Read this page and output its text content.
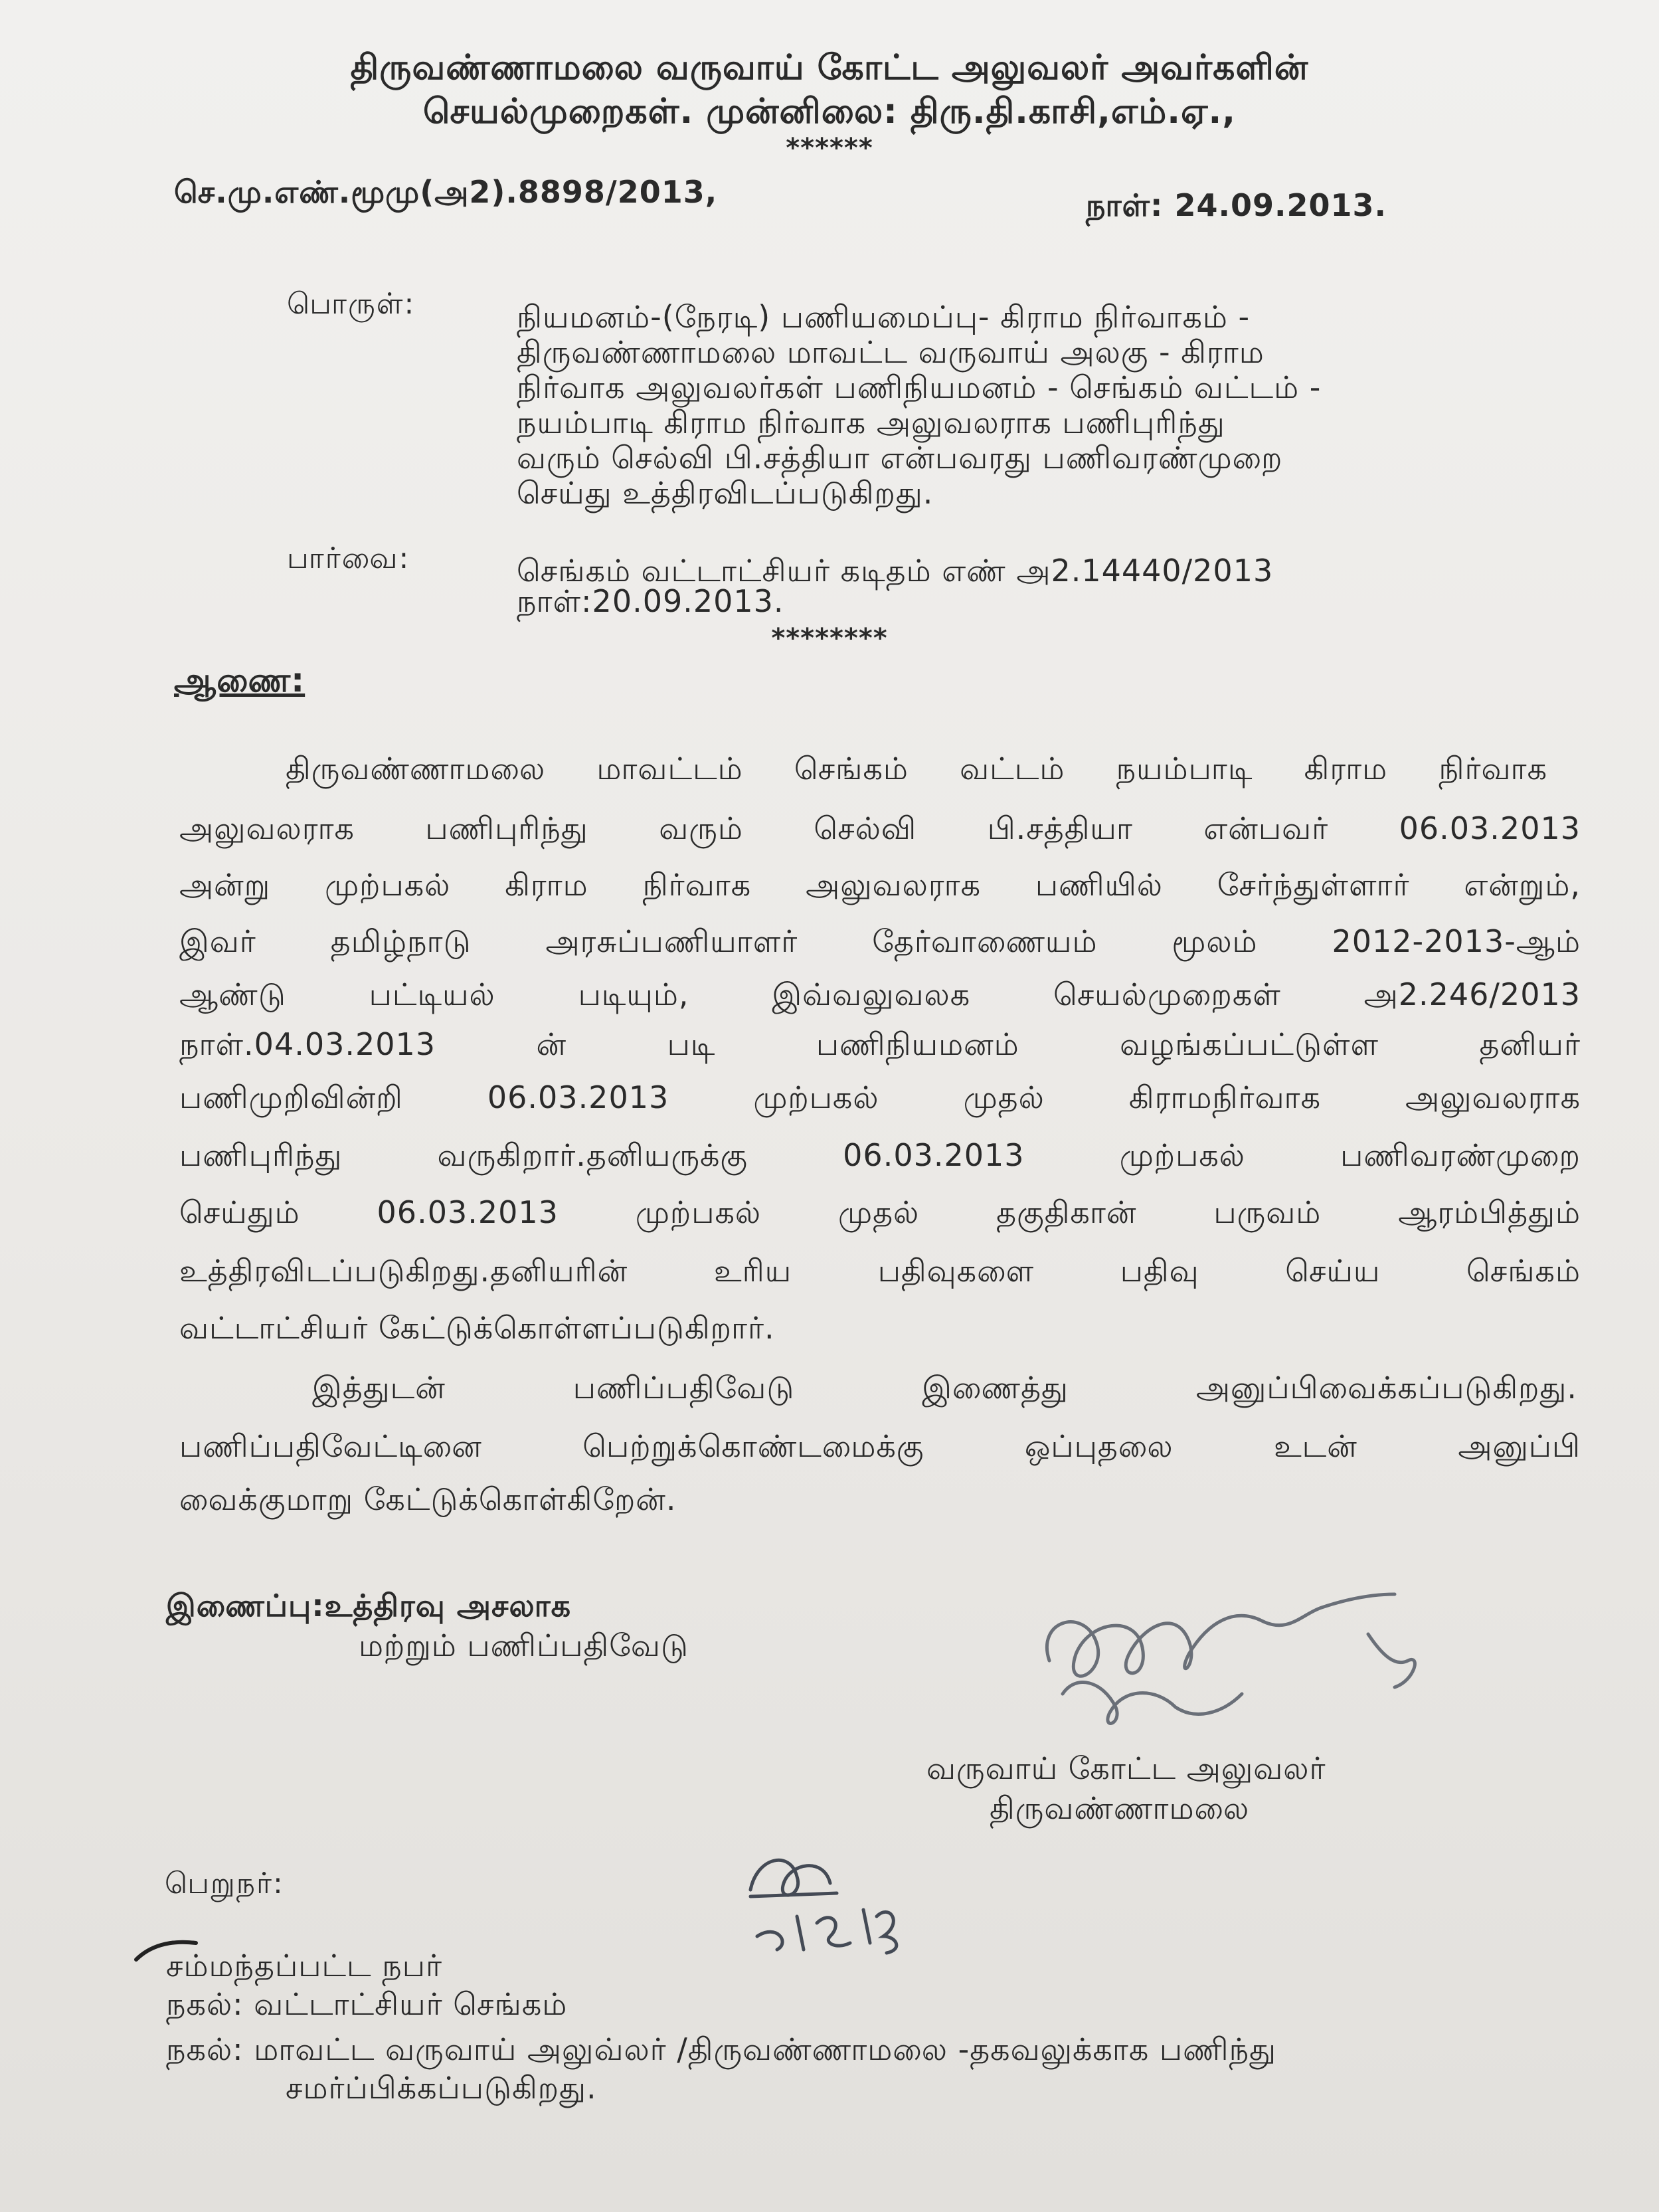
திருவண்ணாமலை வருவாய் கோட்ட அலுவலர் அவர்களின்
செயல்முறைகள். முன்னிலை: திரு.தி.காசி,எம்.ஏ.,
******
செ.மு.எண்.மூமு(அ2).8898/2013,	நாள்: 24.09.2013.
பொருள்:	நியமனம்-(நேரடி) பணியமைப்பு- கிராம நிர்வாகம் -
திருவண்ணாமலை மாவட்ட வருவாய் அலகு - கிராம
நிர்வாக அலுவலர்கள் பணிநியமனம் - செங்கம் வட்டம் -
நயம்பாடி கிராம நிர்வாக அலுவலராக பணிபுரிந்து
வரும் செல்வி பி.சத்தியா என்பவரது பணிவரண்முறை
செய்து உத்திரவிடப்படுகிறது.
பார்வை:	செங்கம் வட்டாட்சியர் கடிதம் எண் அ2.14440/2013
நாள்:20.09.2013.
********
ஆணை:
திருவண்ணாமலை மாவட்டம் செங்கம் வட்டம் நயம்பாடி கிராம நிர்வாக
அலுவலராக பணிபுரிந்து வரும் செல்வி பி.சத்தியா என்பவர் 06.03.2013
அன்று முற்பகல் கிராம நிர்வாக அலுவலராக பணியில் சேர்ந்துள்ளார் என்றும்,
இவர் தமிழ்நாடு அரசுப்பணியாளர் தேர்வாணையம் மூலம் 2012-2013-ஆம்
ஆண்டு பட்டியல் படியும், இவ்வலுவலக செயல்முறைகள் அ2.246/2013
நாள்.04.03.2013 ன் படி பணிநியமனம் வழங்கப்பட்டுள்ள தனியர்
பணிமுறிவின்றி 06.03.2013 முற்பகல் முதல் கிராமநிர்வாக அலுவலராக
பணிபுரிந்து வருகிறார்.தனியருக்கு 06.03.2013 முற்பகல் பணிவரண்முறை
செய்தும் 06.03.2013 முற்பகல் முதல் தகுதிகான் பருவம் ஆரம்பித்தும்
உத்திரவிடப்படுகிறது.தனியரின் உரிய பதிவுகளை பதிவு செய்ய செங்கம்
வட்டாட்சியர் கேட்டுக்கொள்ளப்படுகிறார்.
இத்துடன் பணிப்பதிவேடு இணைத்து அனுப்பிவைக்கப்படுகிறது.
பணிப்பதிவேட்டினை பெற்றுக்கொண்டமைக்கு ஒப்புதலை உடன் அனுப்பி
வைக்குமாறு கேட்டுக்கொள்கிறேன்.
இணைப்பு:உத்திரவு அசலாக
மற்றும் பணிப்பதிவேடு
வருவாய் கோட்ட அலுவலர்
திருவண்ணாமலை
பெறுநர்:
சம்மந்தப்பட்ட நபர்
நகல்: வட்டாட்சியர் செங்கம்
நகல்: மாவட்ட வருவாய் அலுவ்லர் /திருவண்ணாமலை -தகவலுக்காக பணிந்து
சமர்ப்பிக்கப்படுகிறது.
